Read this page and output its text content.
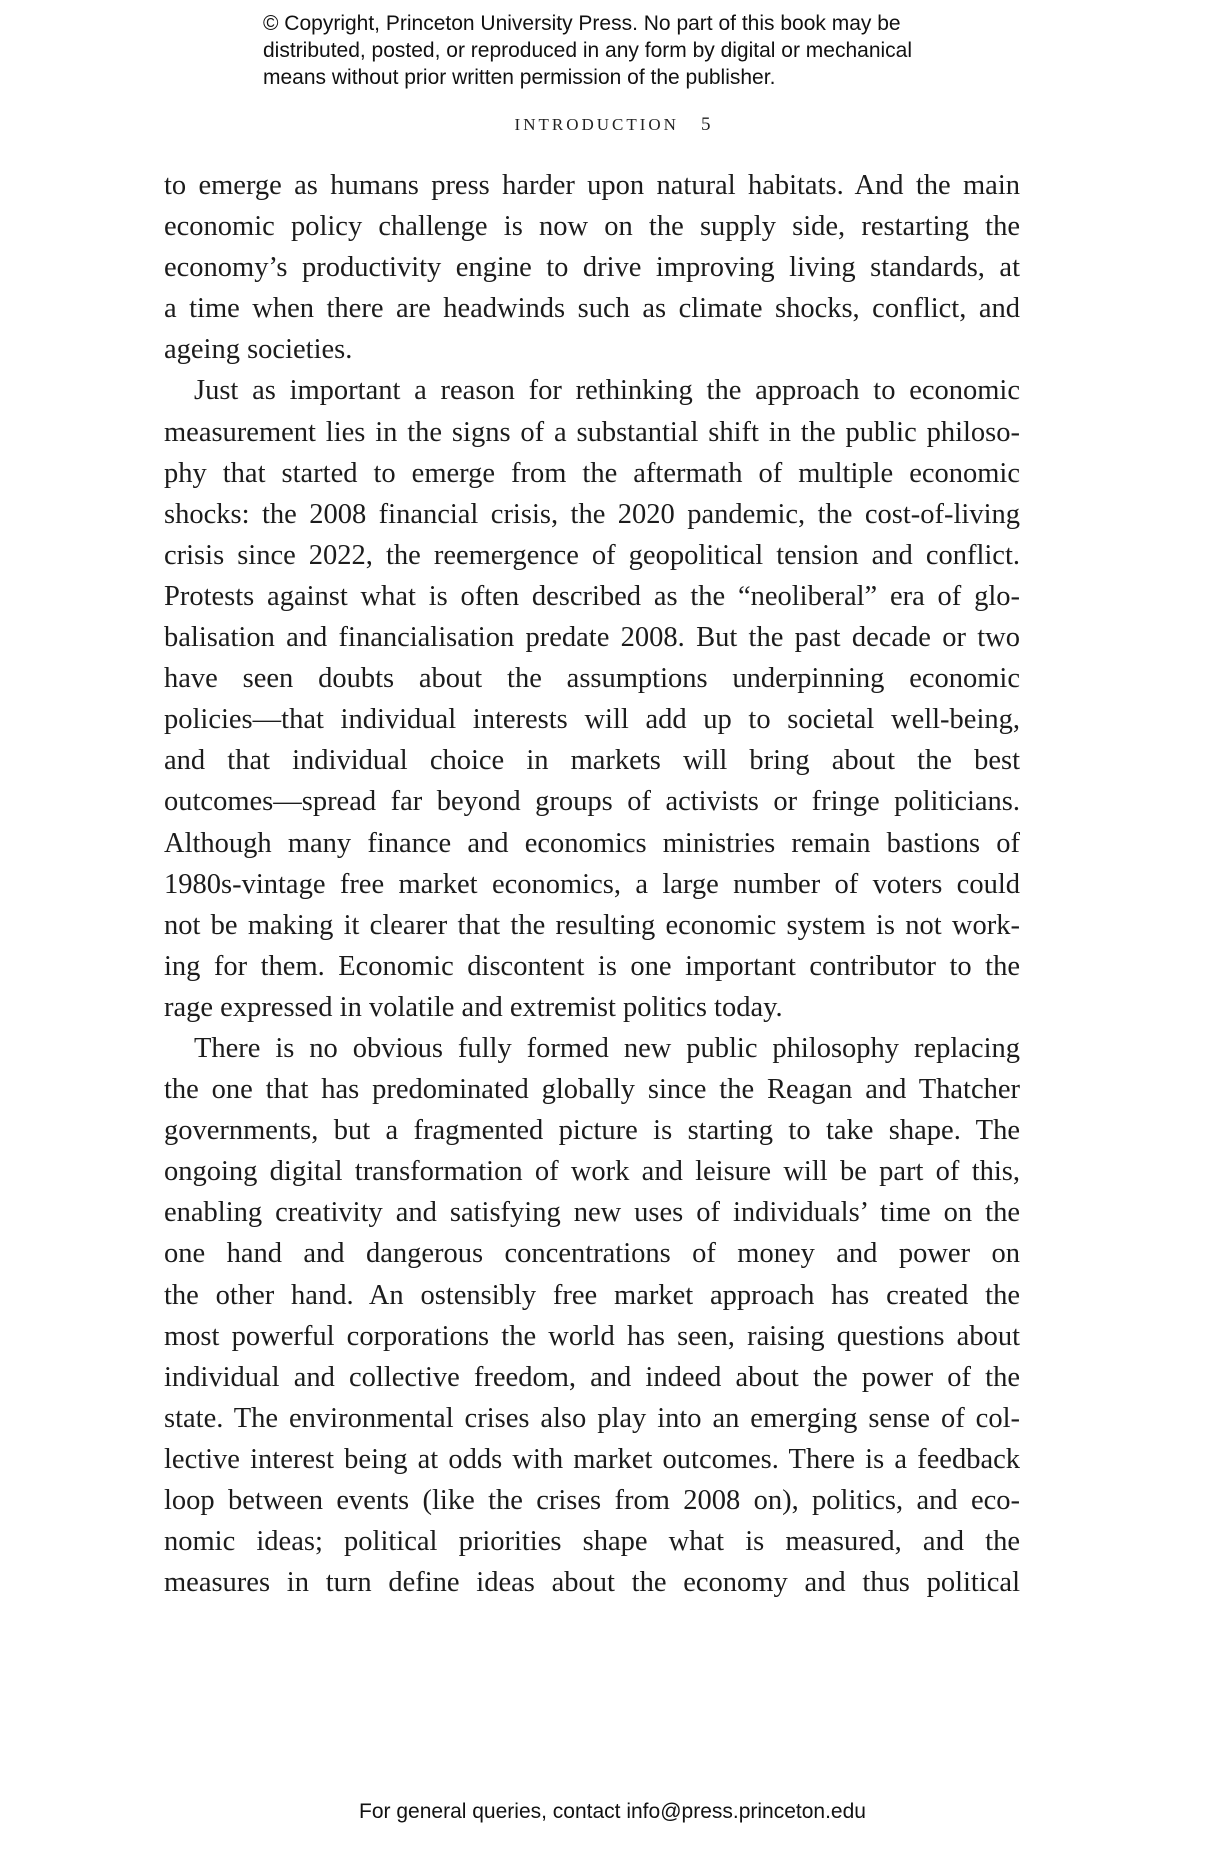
© Copyright, Princeton University Press. No part of this book may be
distributed, posted, or reproduced in any form by digital or mechanical
means without prior written permission of the publisher.
INTRODUCTION 5

to emerge as humans press harder upon natural habitats. And the main
economic policy challenge is now on the supply side, restarting the
economy’s productivity engine to drive improving living standards, at
a time when there are headwinds such as climate shocks, conflict, and
ageing societies.

Just as important a reason for rethinking the approach to economic
measurement lies in the signs of a substantial shift in the public philoso-
phy that started to emerge from the aftermath of multiple economic
shocks: the 2008 financial crisis, the 2020 pandemic, the cost-of-living
crisis since 2022, the reemergence of geopolitical tension and conflict.
Protests against what is often described as the “neoliberal” era of glo-
balisation and financialisation predate 2008. But the past decade or two
have seen doubts about the assumptions underpinning economic
policies—that individual interests will add up to societal well-being,
and that individual choice in markets will bring about the best
outcomes—spread far beyond groups of activists or fringe politicians.
Although many finance and economics ministries remain bastions of
1980s-vintage free market economics, a large number of voters could
not be making it clearer that the resulting economic system is not work-
ing for them. Economic discontent is one important contributor to the
rage expressed in volatile and extremist politics today.

There is no obvious fully formed new public philosophy replacing
the one that has predominated globally since the Reagan and Thatcher
governments, but a fragmented picture is starting to take shape. The
ongoing digital transformation of work and leisure will be part of this,
enabling creativity and satisfying new uses of individuals’ time on the
one hand and dangerous concentrations of money and power on
the other hand. An ostensibly free market approach has created the
most powerful corporations the world has seen, raising questions about
individual and collective freedom, and indeed about the power of the
state. The environmental crises also play into an emerging sense of col-
lective interest being at odds with market outcomes. There is a feedback
loop between events (like the crises from 2008 on), politics, and eco-
nomic ideas; political priorities shape what is measured, and the
measures in turn define ideas about the economy and thus political

For general queries, contact info@press.princeton.edu
